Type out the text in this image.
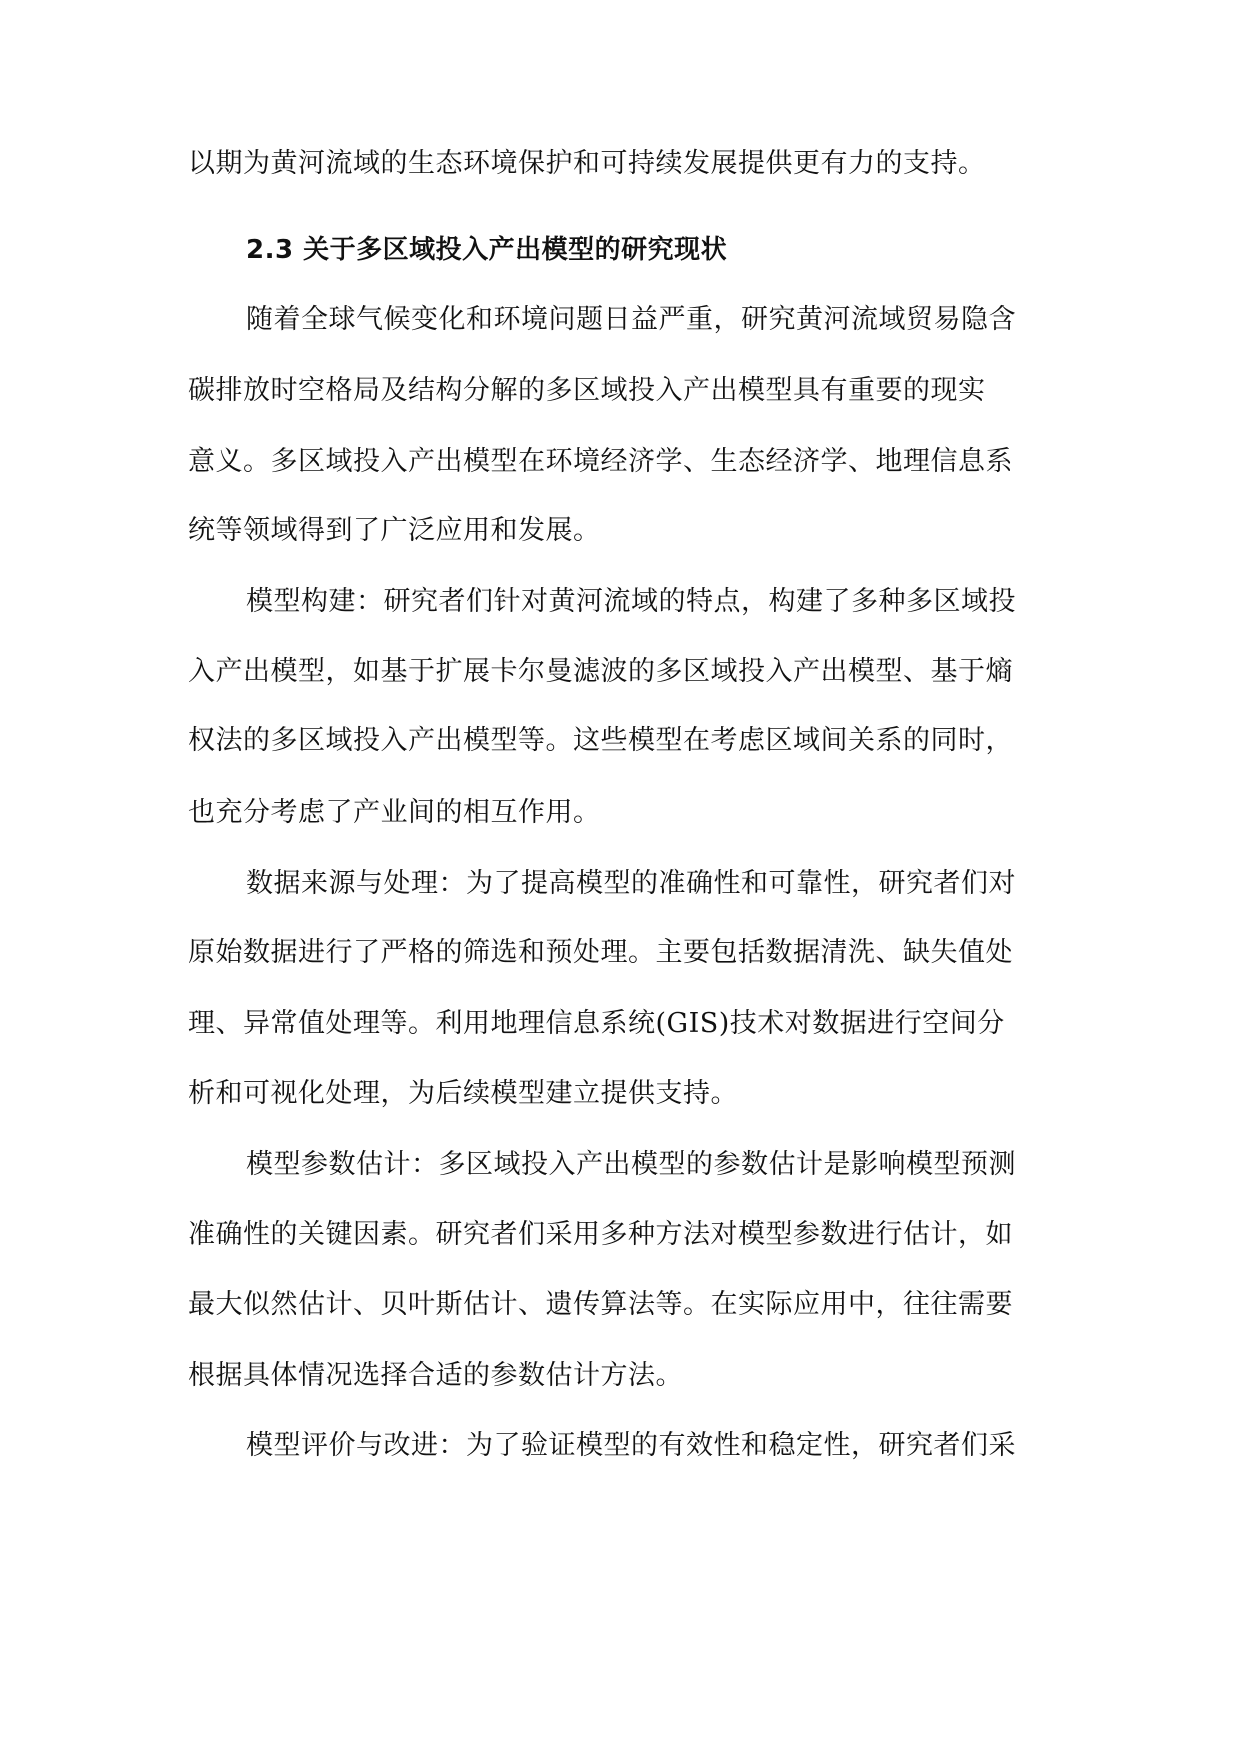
以期为黄河流域的生态环境保护和可持续发展提供更有力的支持。
2.3 关于多区域投入产出模型的研究现状
随着全球气候变化和环境问题日益严重，研究黄河流域贸易隐含
碳排放时空格局及结构分解的多区域投入产出模型具有重要的现实
意义。多区域投入产出模型在环境经济学、生态经济学、地理信息系
统等领域得到了广泛应用和发展。
模型构建：研究者们针对黄河流域的特点，构建了多种多区域投
入产出模型，如基于扩展卡尔曼滤波的多区域投入产出模型、基于熵
权法的多区域投入产出模型等。这些模型在考虑区域间关系的同时，
也充分考虑了产业间的相互作用。
数据来源与处理：为了提高模型的准确性和可靠性，研究者们对
原始数据进行了严格的筛选和预处理。主要包括数据清洗、缺失值处
理、异常值处理等。利用地理信息系统(GIS)技术对数据进行空间分
析和可视化处理，为后续模型建立提供支持。
模型参数估计：多区域投入产出模型的参数估计是影响模型预测
准确性的关键因素。研究者们采用多种方法对模型参数进行估计，如
最大似然估计、贝叶斯估计、遗传算法等。在实际应用中，往往需要
根据具体情况选择合适的参数估计方法。
模型评价与改进：为了验证模型的有效性和稳定性，研究者们采
